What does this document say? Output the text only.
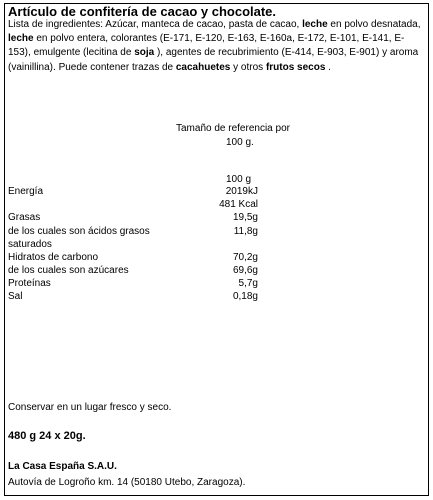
Artículo de confitería de cacao y chocolate.
Lista de ingredientes: Azúcar, manteca de cacao, pasta de cacao, leche en polvo desnatada, leche en polvo entera, colorantes (E-171, E-120, E-163, E-160a, E-172, E-101, E-141, E-153), emulgente (lecitina de soja ), agentes de recubrimiento (E-414, E-903, E-901) y aroma (vainillina). Puede contener trazas de cacahuetes y otros frutos secos .
Tamaño de referencia por
100 g.
100 g
Energía	2019kJ
481 Kcal
Grasas	19,5g
de los cuales son ácidos grasos	11,8g
saturados
Hidratos de carbono	70,2g
de los cuales son azúcares	69,6g
Proteínas	5,7g
Sal	0,18g
Conservar en un lugar fresco y seco.
480 g 24 x 20g.
La Casa España S.A.U.
Autovía de Logroño km. 14 (50180 Utebo, Zaragoza).
